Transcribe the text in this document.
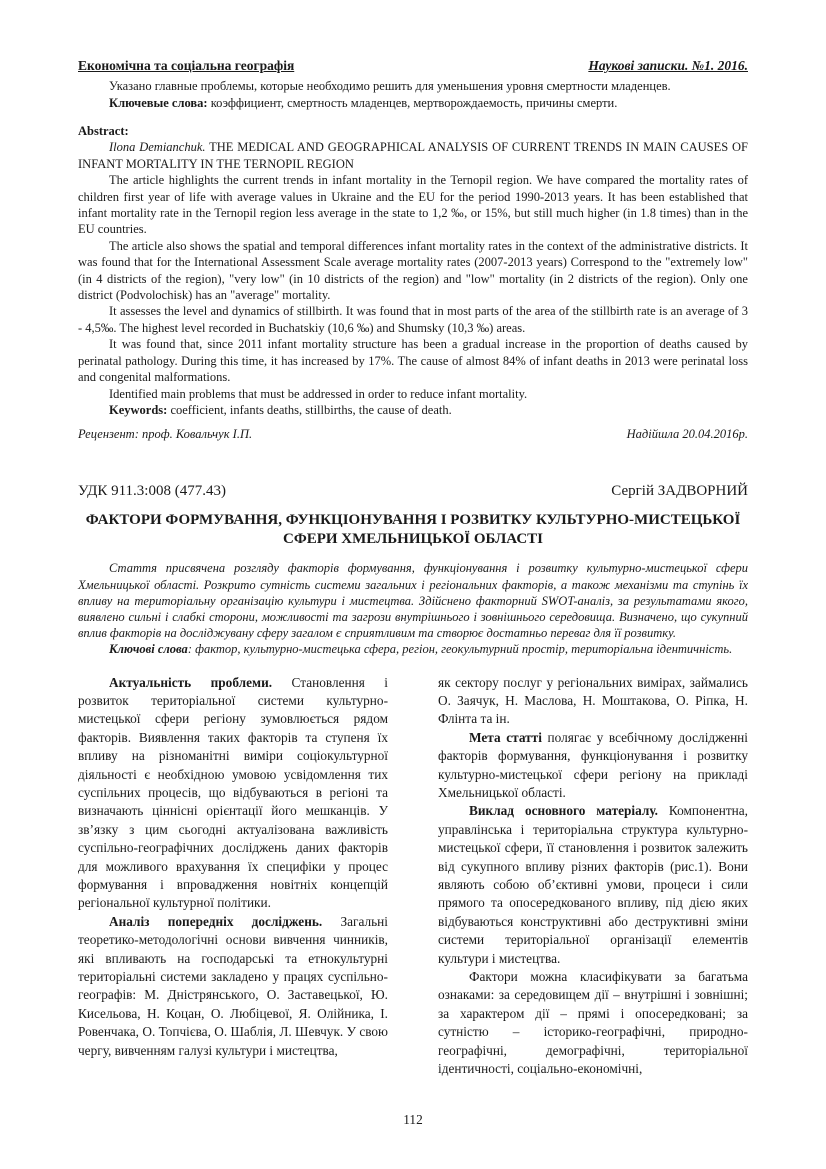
Економічна та соціальна географія	Наукові записки. №1. 2016.

Указано главные проблемы, которые необходимо решить для уменьшения уровня смертности младенцев.

Ключевые слова: коэффициент, смертность младенцев, мертворождаемость, причины смерти.

Abstract:

Ilona Demianchuk. THE MEDICAL AND GEOGRAPHICAL ANALYSIS OF CURRENT TRENDS IN MAIN CAUSES OF INFANT MORTALITY IN THE TERNOPIL REGION

The article highlights the current trends in infant mortality in the Ternopil region. We have compared the mortality rates of children first year of life with average values in Ukraine and the EU for the period 1990-2013 years. It has been established that infant mortality rate in the Ternopil region less average in the state to 1,2 ‰, or 15%, but still much higher (in 1.8 times) than in the EU countries.

The article also shows the spatial and temporal differences infant mortality rates in the context of the administrative districts. It was found that for the International Assessment Scale average mortality rates (2007-2013 years) Correspond to the "extremely low" (in 4 districts of the region), "very low" (in 10 districts of the region) and "low" mortality (in 2 districts of the region). Only one district (Podvolochisk) has an "average" mortality.

It assesses the level and dynamics of stillbirth. It was found that in most parts of the area of the stillbirth rate is an average of 3 - 4,5‰. The highest level recorded in Buchatskiy (10,6 ‰) and Shumsky (10,3 ‰) areas.

It was found that, since 2011 infant mortality structure has been a gradual increase in the proportion of deaths caused by perinatal pathology. During this time, it has increased by 17%. The cause of almost 84% of infant deaths in 2013 were perinatal loss and congenital malformations.

Identified main problems that must be addressed in order to reduce infant mortality.

Keywords: coefficient, infants deaths, stillbirths, the cause of death.

Рецензент: проф. Ковальчук І.П.	Надійшла 20.04.2016р.
УДК 911.3:008 (477.43)	Сергій ЗАДВОРНИЙ
ФАКТОРИ ФОРМУВАННЯ, ФУНКЦІОНУВАННЯ І РОЗВИТКУ КУЛЬТУРНО-МИСТЕЦЬКОЇ СФЕРИ ХМЕЛЬНИЦЬКОЇ ОБЛАСТІ

Стаття присвячена розгляду факторів формування, функціонування і розвитку культурно-мистецької сфери Хмельницької області. Розкрито сутність системи загальних і регіональних факторів, а також механізми та ступінь їх впливу на територіальну організацію культури і мистецтва. Здійснено факторний SWOT-аналіз, за результатами якого, виявлено сильні і слабкі сторони, можливості та загрози внутрішнього і зовнішнього середовища. Визначено, що сукупний вплив факторів на досліджувану сферу загалом є сприятливим та створює достатньо переваг для її розвитку.

Ключові слова: фактор, культурно-мистецька сфера, регіон, геокультурний простір, територіальна ідентичність.

Актуальність проблеми. Становлення і розвиток територіальної системи культурно-мистецької сфери регіону зумовлюється рядом факторів. Виявлення таких факторів та ступеня їх впливу на різноманітні виміри соціокультурної діяльності є необхідною умовою усвідомлення тих суспільних процесів, що відбуваються в регіоні та визначають ціннісні орієнтації його мешканців. У зв’язку з цим сьогодні актуалізована важливість суспільно-географічних досліджень даних факторів для можливого врахування їх специфіки у процес формування і впровадження новітніх концепцій регіональної культурної політики.

Аналіз попередніх досліджень. Загальні теоретико-методологічні основи вивчення чинників, які впливають на господарські та етнокультурні територіальні системи закладено у працях суспільно-географів: М. Дністрянського, О. Заставецької, Ю. Кисельова, Н. Коцан, О. Любіцевої, Я. Олійника, І. Ровенчака, О. Топчієва, О. Шаблія, Л. Шевчук. У свою чергу, вивченням галузі культури і мистецтва,

як сектору послуг у регіональних вимірах, займались О. Заячук, Н. Маслова, Н. Моштакова, О. Ріпка, Н. Флінта та ін.

Мета статті полягає у всебічному дослідженні факторів формування, функціонування і розвитку культурно-мистецької сфери регіону на прикладі Хмельницької області.

Виклад основного матеріалу. Компонентна, управлінська і територіальна структура культурно-мистецької сфери, її становлення і розвиток залежить від сукупного впливу різних факторів (рис.1). Вони являють собою об’єктивні умови, процеси і сили прямого та опосередкованого впливу, під дією яких відбуваються конструктивні або деструктивні зміни системи територіальної організації елементів культури і мистецтва.

Фактори можна класифікувати за багатьма ознаками: за середовищем дії – внутрішні і зовнішні; за характером дії – прямі і опосередковані; за сутністю – історико-географічні, природно-географічні, демографічні, територіальної ідентичності, соціально-економічні,

112
